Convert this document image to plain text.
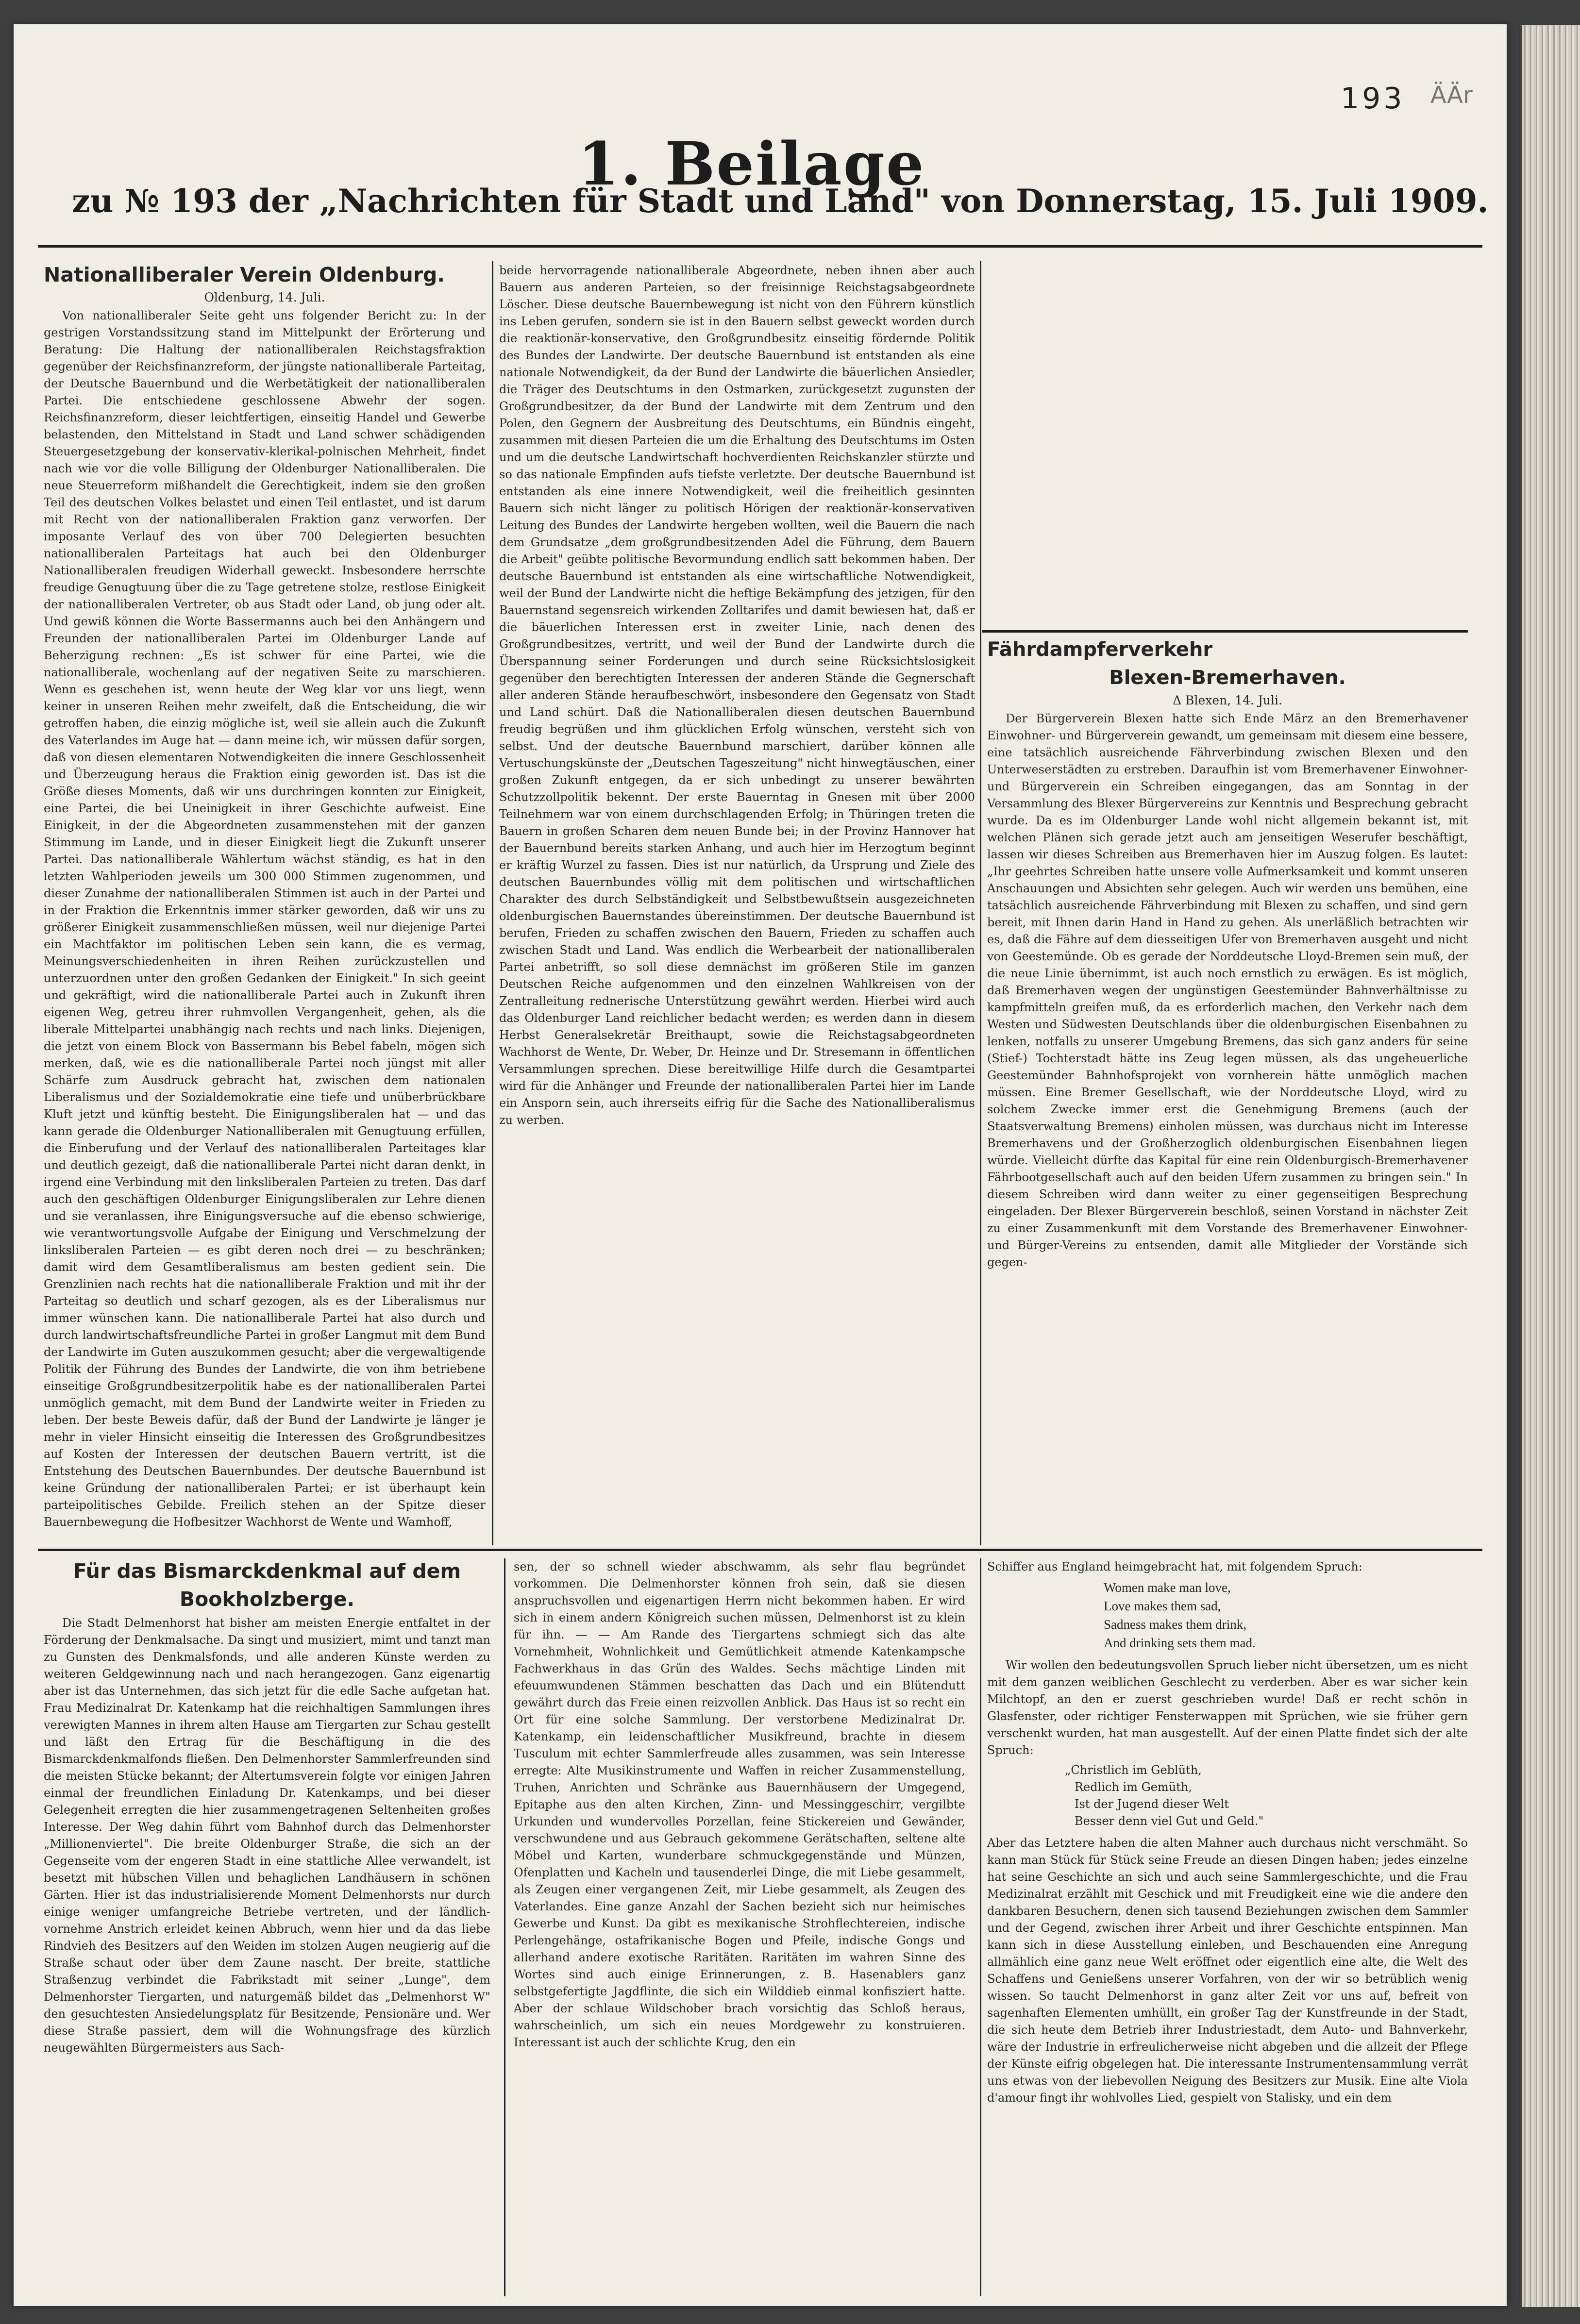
193 ÄÄr
1. Beilage
zu № 193 der „Nachrichten für Stadt und Land" von Donnerstag, 15. Juli 1909.
Nationalliberaler Verein Oldenburg.
Oldenburg, 14. Juli.

Von nationalliberaler Seite geht uns folgender Bericht zu: In der gestrigen Vorstandssitzung stand im Mittelpunkt der Erörterung und Beratung: Die Haltung der nationalliberalen Reichstagsfraktion gegenüber der Reichsfinanzreform, der jüngste nationalliberale Parteitag, der Deutsche Bauernbund und die Werbetätigkeit der nationalliberalen Partei. Die entschiedene geschlossene Abwehr der sogen. Reichsfinanzreform, dieser leichtfertigen, einseitig Handel und Gewerbe belastenden, den Mittelstand in Stadt und Land schwer schädigenden Steuergesetzgebung der konservativ-klerikal-polnischen Mehrheit, findet nach wie vor die volle Billigung der Oldenburger Nationalliberalen. Die neue Steuerreform mißhandelt die Gerechtigkeit, indem sie den großen Teil des deutschen Volkes belastet und einen Teil entlastet, und ist darum mit Recht von der nationalliberalen Fraktion ganz verworfen. Der imposante Verlauf des von über 700 Delegierten besuchten nationalliberalen Parteitags hat auch bei den Oldenburger Nationalliberalen freudigen Widerhall geweckt. Insbesondere herrschte freudige Genugtuung über die zu Tage getretene stolze, restlose Einigkeit der nationalliberalen Vertreter, ob aus Stadt oder Land, ob jung oder alt. Und gewiß können die Worte Bassermanns auch bei den Anhängern und Freunden der nationalliberalen Partei im Oldenburger Lande auf Beherzigung rechnen: „Es ist schwer für eine Partei, wie die nationalliberale, wochenlang auf der negativen Seite zu marschieren. Wenn es geschehen ist, wenn heute der Weg klar vor uns liegt, wenn keiner in unseren Reihen mehr zweifelt, daß die Entscheidung, die wir getroffen haben, die einzig mögliche ist, weil sie allein auch die Zukunft des Vaterlandes im Auge hat — dann meine ich, wir müssen dafür sorgen, daß von diesen elementaren Notwendigkeiten die innere Geschlossenheit und Überzeugung heraus die Fraktion einig geworden ist. Das ist die Größe dieses Moments, daß wir uns durchringen konnten zur Einigkeit, eine Partei, die bei Uneinigkeit in ihrer Geschichte aufweist. Eine Einigkeit, in der die Abgeordneten zusammenstehen mit der ganzen Stimmung im Lande, und in dieser Einigkeit liegt die Zukunft unserer Partei. Das nationalliberale Wählertum wächst ständig, es hat in den letzten Wahlperioden jeweils um 300 000 Stimmen zugenommen, und dieser Zunahme der nationalliberalen Stimmen ist auch in der Partei und in der Fraktion die Erkenntnis immer stärker geworden, daß wir uns zu größerer Einigkeit zusammenschließen müssen, weil nur diejenige Partei ein Machtfaktor im politischen Leben sein kann, die es vermag, Meinungsverschiedenheiten in ihren Reihen zurückzustellen und unterzuordnen unter den großen Gedanken der Einigkeit." In sich geeint und gekräftigt, wird die nationalliberale Partei auch in Zukunft ihren eigenen Weg, getreu ihrer ruhmvollen Vergangenheit, gehen, als die liberale Mittelpartei unabhängig nach rechts und nach links. Diejenigen, die jetzt von einem Block von Bassermann bis Bebel fabeln, mögen sich merken, daß, wie es die nationalliberale Partei noch jüngst mit aller Schärfe zum Ausdruck gebracht hat, zwischen dem nationalen Liberalismus und der Sozialdemokratie eine tiefe und unüberbrückbare Kluft jetzt und künftig besteht. Die Einigungsliberalen hat — und das kann gerade die Oldenburger Nationalliberalen mit Genugtuung erfüllen, die Einberufung und der Verlauf des nationalliberalen Parteitages klar und deutlich gezeigt, daß die nationalliberale Partei nicht daran denkt, in irgend eine Verbindung mit den linksliberalen Parteien zu treten. Das darf auch den geschäftigen Oldenburger Einigungsliberalen zur Lehre dienen und sie veranlassen, ihre Einigungsversuche auf die ebenso schwierige, wie verantwortungsvolle Aufgabe der Einigung und Verschmelzung der linksliberalen Parteien — es gibt deren noch drei — zu beschränken; damit wird dem Gesamtliberalismus am besten gedient sein. Die Grenzlinien nach rechts hat die nationalliberale Fraktion und mit ihr der Parteitag so deutlich und scharf gezogen, als es der Liberalismus nur immer wünschen kann. Die nationalliberale Partei hat also durch und durch landwirtschaftsfreundliche Partei in großer Langmut mit dem Bund der Landwirte im Guten auszukommen gesucht; aber die vergewaltigende Politik der Führung des Bundes der Landwirte, die von ihm betriebene einseitige Großgrundbesitzerpolitik habe es der nationalliberalen Partei unmöglich gemacht, mit dem Bund der Landwirte weiter in Frieden zu leben. Der beste Beweis dafür, daß der Bund der Landwirte je länger je mehr in vieler Hinsicht einseitig die Interessen des Großgrundbesitzes auf Kosten der Interessen der deutschen Bauern vertritt, ist die Entstehung des Deutschen Bauernbundes. Der deutsche Bauernbund ist keine Gründung der nationalliberalen Partei; er ist überhaupt kein parteipolitisches Gebilde. Freilich stehen an der Spitze dieser Bauernbewegung die Hofbesitzer Wachhorst de Wente und Wamhoff,

beide hervorragende nationalliberale Abgeordnete, neben ihnen aber auch Bauern aus anderen Parteien, so der freisinnige Reichstagsabgeordnete Löscher. Diese deutsche Bauernbewegung ist nicht von den Führern künstlich ins Leben gerufen, sondern sie ist in den Bauern selbst geweckt worden durch die reaktionär-konservative, den Großgrundbesitz einseitig fördernde Politik des Bundes der Landwirte. Der deutsche Bauernbund ist entstanden als eine nationale Notwendigkeit, da der Bund der Landwirte die bäuerlichen Ansiedler, die Träger des Deutschtums in den Ostmarken, zurückgesetzt zugunsten der Großgrundbesitzer, da der Bund der Landwirte mit dem Zentrum und den Polen, den Gegnern der Ausbreitung des Deutschtums, ein Bündnis eingeht, zusammen mit diesen Parteien die um die Erhaltung des Deutschtums im Osten und um die deutsche Landwirtschaft hochverdienten Reichskanzler stürzte und so das nationale Empfinden aufs tiefste verletzte. Der deutsche Bauernbund ist entstanden als eine innere Notwendigkeit, weil die freiheitlich gesinnten Bauern sich nicht länger zu politisch Hörigen der reaktionär-konservativen Leitung des Bundes der Landwirte hergeben wollten, weil die Bauern die nach dem Grundsatze „dem großgrundbesitzenden Adel die Führung, dem Bauern die Arbeit" geübte politische Bevormundung endlich satt bekommen haben. Der deutsche Bauernbund ist entstanden als eine wirtschaftliche Notwendigkeit, weil der Bund der Landwirte nicht die heftige Bekämpfung des jetzigen, für den Bauernstand segensreich wirkenden Zolltarifes und damit bewiesen hat, daß er die bäuerlichen Interessen erst in zweiter Linie, nach denen des Großgrundbesitzes, vertritt, und weil der Bund der Landwirte durch die Überspannung seiner Forderungen und durch seine Rücksichtslosigkeit gegenüber den berechtigten Interessen der anderen Stände die Gegnerschaft aller anderen Stände heraufbeschwört, insbesondere den Gegensatz von Stadt und Land schürt. Daß die Nationalliberalen diesen deutschen Bauernbund freudig begrüßen und ihm glücklichen Erfolg wünschen, versteht sich von selbst. Und der deutsche Bauernbund marschiert, darüber können alle Vertuschungskünste der „Deutschen Tageszeitung" nicht hinwegtäuschen, einer großen Zukunft entgegen, da er sich unbedingt zu unserer bewährten Schutzzollpolitik bekennt. Der erste Bauerntag in Gnesen mit über 2000 Teilnehmern war von einem durchschlagenden Erfolg; in Thüringen treten die Bauern in großen Scharen dem neuen Bunde bei; in der Provinz Hannover hat der Bauernbund bereits starken Anhang, und auch hier im Herzogtum beginnt er kräftig Wurzel zu fassen. Dies ist nur natürlich, da Ursprung und Ziele des deutschen Bauernbundes völlig mit dem politischen und wirtschaftlichen Charakter des durch Selbständigkeit und Selbstbewußtsein ausgezeichneten oldenburgischen Bauernstandes übereinstimmen. Der deutsche Bauernbund ist berufen, Frieden zu schaffen zwischen den Bauern, Frieden zu schaffen auch zwischen Stadt und Land. Was endlich die Werbearbeit der nationalliberalen Partei anbetrifft, so soll diese demnächst im größeren Stile im ganzen Deutschen Reiche aufgenommen und den einzelnen Wahlkreisen von der Zentralleitung rednerische Unterstützung gewährt werden. Hierbei wird auch das Oldenburger Land reichlicher bedacht werden; es werden dann in diesem Herbst Generalsekretär Breithaupt, sowie die Reichstagsabgeordneten Wachhorst de Wente, Dr. Weber, Dr. Heinze und Dr. Stresemann in öffentlichen Versammlungen sprechen. Diese bereitwillige Hilfe durch die Gesamtpartei wird für die Anhänger und Freunde der nationalliberalen Partei hier im Lande ein Ansporn sein, auch ihrerseits eifrig für die Sache des Nationalliberalismus zu werben.

Fährdampferverkehr
Blexen-Bremerhaven.
Δ Blexen, 14. Juli.

Der Bürgerverein Blexen hatte sich Ende März an den Bremerhavener Einwohner- und Bürgerverein gewandt, um gemeinsam mit diesem eine bessere, eine tatsächlich ausreichende Fährverbindung zwischen Blexen und den Unterweserstädten zu erstreben. Daraufhin ist vom Bremerhavener Einwohner- und Bürgerverein ein Schreiben eingegangen, das am Sonntag in der Versammlung des Blexer Bürgervereins zur Kenntnis und Besprechung gebracht wurde. Da es im Oldenburger Lande wohl nicht allgemein bekannt ist, mit welchen Plänen sich gerade jetzt auch am jenseitigen Weserufer beschäftigt, lassen wir dieses Schreiben aus Bremerhaven hier im Auszug folgen. Es lautet: „Ihr geehrtes Schreiben hatte unsere volle Aufmerksamkeit und kommt unseren Anschauungen und Absichten sehr gelegen. Auch wir werden uns bemühen, eine tatsächlich ausreichende Fährverbindung mit Blexen zu schaffen, und sind gern bereit, mit Ihnen darin Hand in Hand zu gehen. Als unerläßlich betrachten wir es, daß die Fähre auf dem diesseitigen Ufer von Bremerhaven ausgeht und nicht von Geestemünde. Ob es gerade der Norddeutsche Lloyd-Bremen sein muß, der die neue Linie übernimmt, ist auch noch ernstlich zu erwägen. Es ist möglich, daß Bremerhaven wegen der ungünstigen Geestemünder Bahnverhältnisse zu kampfmitteln greifen muß, da es erforderlich machen, den Verkehr nach dem Westen und Südwesten Deutschlands über die oldenburgischen Eisenbahnen zu lenken, notfalls zu unserer Umgebung Bremens, das sich ganz anders für seine (Stief-) Tochterstadt hätte ins Zeug legen müssen, als das ungeheuerliche Geestemünder Bahnhofsprojekt von vornherein hätte unmöglich machen müssen. Eine Bremer Gesellschaft, wie der Norddeutsche Lloyd, wird zu solchem Zwecke immer erst die Genehmigung Bremens (auch der Staatsverwaltung Bremens) einholen müssen, was durchaus nicht im Interesse Bremerhavens und der Großherzoglich oldenburgischen Eisenbahnen liegen würde. Vielleicht dürfte das Kapital für eine rein Oldenburgisch-Bremerhavener Fährbootgesellschaft auch auf den beiden Ufern zusammen zu bringen sein." In diesem Schreiben wird dann weiter zu einer gegenseitigen Besprechung eingeladen. Der Blexer Bürgerverein beschloß, seinen Vorstand in nächster Zeit zu einer Zusammenkunft mit dem Vorstande des Bremerhavener Einwohner- und Bürger-Vereins zu entsenden, damit alle Mitglieder der Vorstände sich gegen-

Für das Bismarckdenkmal auf dem
Bookholzberge.

Die Stadt Delmenhorst hat bisher am meisten Energie entfaltet in der Förderung der Denkmalsache. Da singt und musiziert, mimt und tanzt man zu Gunsten des Denkmalsfonds, und alle anderen Künste werden zu weiteren Geldgewinnung nach und nach herangezogen. Ganz eigenartig aber ist das Unternehmen, das sich jetzt für die edle Sache aufgetan hat. Frau Medizinalrat Dr. Katenkamp hat die reichhaltigen Sammlungen ihres verewigten Mannes in ihrem alten Hause am Tiergarten zur Schau gestellt und läßt den Ertrag für die Beschäftigung in die des Bismarckdenkmalfonds fließen. Den Delmenhorster Sammlerfreunden sind die meisten Stücke bekannt; der Altertumsverein folgte vor einigen Jahren einmal der freundlichen Einladung Dr. Katenkamps, und bei dieser Gelegenheit erregten die hier zusammengetragenen Seltenheiten großes Interesse. Der Weg dahin führt vom Bahnhof durch das Delmenhorster „Millionenviertel". Die breite Oldenburger Straße, die sich an der Gegenseite vom der engeren Stadt in eine stattliche Allee verwandelt, ist besetzt mit hübschen Villen und behaglichen Landhäusern in schönen Gärten. Hier ist das industrialisierende Moment Delmenhorsts nur durch einige weniger umfangreiche Betriebe vertreten, und der ländlich-vornehme Anstrich erleidet keinen Abbruch, wenn hier und da das liebe Rindvieh des Besitzers auf den Weiden im stolzen Augen neugierig auf die Straße schaut oder über dem Zaune nascht. Der breite, stattliche Straßenzug verbindet die Fabrikstadt mit seiner „Lunge", dem Delmenhorster Tiergarten, und naturgemäß bildet das „Delmenhorst W" den gesuchtesten Ansiedelungsplatz für Besitzende, Pensionäre und. Wer diese Straße passiert, dem will die Wohnungsfrage des kürzlich neugewählten Bürgermeisters aus Sach-

sen, der so schnell wieder abschwamm, als sehr flau begründet vorkommen. Die Delmenhorster können froh sein, daß sie diesen anspruchsvollen und eigenartigen Herrn nicht bekommen haben. Er wird sich in einem andern Königreich suchen müssen, Delmenhorst ist zu klein für ihn. — — Am Rande des Tiergartens schmiegt sich das alte Vornehmheit, Wohnlichkeit und Gemütlichkeit atmende Katenkampsche Fachwerkhaus in das Grün des Waldes. Sechs mächtige Linden mit efeuumwundenen Stämmen beschatten das Dach und ein Blütendutt gewährt durch das Freie einen reizvollen Anblick. Das Haus ist so recht ein Ort für eine solche Sammlung. Der verstorbene Medizinalrat Dr. Katenkamp, ein leidenschaftlicher Musikfreund, brachte in diesem Tusculum mit echter Sammlerfreude alles zusammen, was sein Interesse erregte: Alte Musikinstrumente und Waffen in reicher Zusammenstellung, Truhen, Anrichten und Schränke aus Bauernhäusern der Umgegend, Epitaphe aus den alten Kirchen, Zinn- und Messinggeschirr, vergilbte Urkunden und wundervolles Porzellan, feine Stickereien und Gewänder, verschwundene und aus Gebrauch gekommene Gerätschaften, seltene alte Möbel und Karten, wunderbare schmuckgegenstände und Münzen, Ofenplatten und Kacheln und tausenderlei Dinge, die mit Liebe gesammelt, als Zeugen einer vergangenen Zeit, mir Liebe gesammelt, als Zeugen des Vaterlandes. Eine ganze Anzahl der Sachen bezieht sich nur heimisches Gewerbe und Kunst. Da gibt es mexikanische Strohflechtereien, indische Perlengehänge, ostafrikanische Bogen und Pfeile, indische Gongs und allerhand andere exotische Raritäten. Raritäten im wahren Sinne des Wortes sind auch einige Erinnerungen, z. B. Hasenablers ganz selbstgefertigte Jagdflinte, die sich ein Wilddieb einmal konfisziert hatte. Aber der schlaue Wildschober brach vorsichtig das Schloß heraus, wahrscheinlich, um sich ein neues Mordgewehr zu konstruieren. Interessant ist auch der schlichte Krug, den ein

Schiffer aus England heimgebracht hat, mit folgendem Spruch:

Women make man love,
Love makes them sad,
Sadness makes them drink,
And drinking sets them mad.

Wir wollen den bedeutungsvollen Spruch lieber nicht übersetzen, um es nicht mit dem ganzen weiblichen Geschlecht zu verderben. Aber es war sicher kein Milchtopf, an den er zuerst geschrieben wurde! Daß er recht schön in Glasfenster, oder richtiger Fensterwappen mit Sprüchen, wie sie früher gern verschenkt wurden, hat man ausgestellt. Auf der einen Platte findet sich der alte Spruch:

„Christlich im Geblüth,
Redlich im Gemüth,
Ist der Jugend dieser Welt
Besser denn viel Gut und Geld."

Aber das Letztere haben die alten Mahner auch durchaus nicht verschmäht. So kann man Stück für Stück seine Freude an diesen Dingen haben; jedes einzelne hat seine Geschichte an sich und auch seine Sammlergeschichte, und die Frau Medizinalrat erzählt mit Geschick und mit Freudigkeit eine wie die andere den dankbaren Besuchern, denen sich tausend Beziehungen zwischen dem Sammler und der Gegend, zwischen ihrer Arbeit und ihrer Geschichte entspinnen. Man kann sich in diese Ausstellung einleben, und Beschauenden eine Anregung allmählich eine ganz neue Welt eröffnet oder eigentlich eine alte, die Welt des Schaffens und Genießens unserer Vorfahren, von der wir so betrüblich wenig wissen. So taucht Delmenhorst in ganz alter Zeit vor uns auf, befreit von sagenhaften Elementen umhüllt, ein großer Tag der Kunstfreunde in der Stadt, die sich heute dem Betrieb ihrer Industriestadt, dem Auto- und Bahnverkehr, wäre der Industrie in erfreulicherweise nicht abgeben und die allzeit der Pflege der Künste eifrig obgelegen hat. Die interessante Instrumentensammlung verrät uns etwas von der liebevollen Neigung des Besitzers zur Musik. Eine alte Viola d'amour fingt ihr wohlvolles Lied, gespielt von Stalisky, und ein dem
